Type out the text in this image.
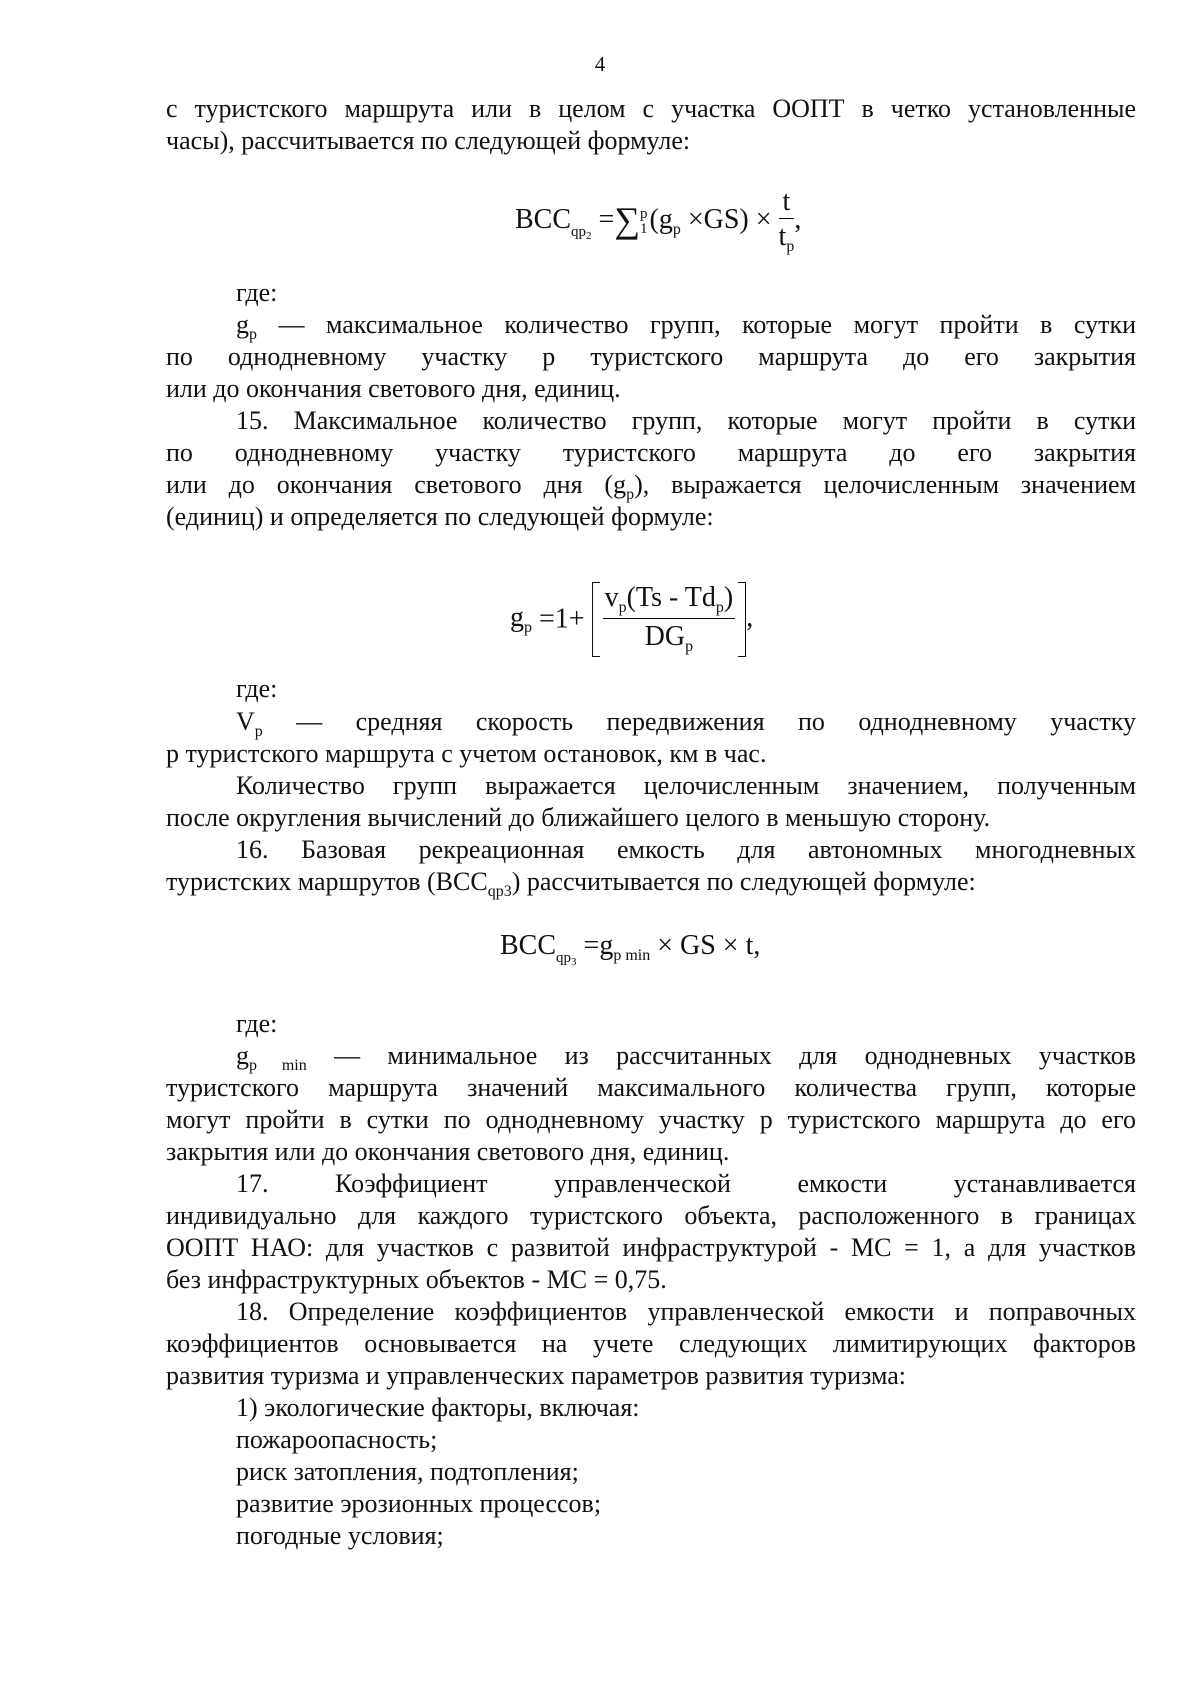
4
с туристского маршрута или в целом с участка ООПТ в четко установленные
часы), рассчитывается по следующей формуле:
$BCC_{qp_2}$ =∑ p
1 $(g_p \times GS) \times \frac{t}{t_p}$ ,
где:
$g_p$ — максимальное количество групп, которые могут пройти в сутки
по однодневному участку p туристского маршрута до его закрытия
или до окончания светового дня, единиц.
15. Максимальное количество групп, которые могут пройти в сутки
по однодневному участку туристского маршрута до его закрытия
или до окончания светового дня $(g_p)$, выражается целочисленным значением
(единиц) и определяется по следующей формуле:
$g_p =1+ \frac{v_p(Ts - Td_p)}{DG_p}$ ,
где:
$V_p$ — средняя скорость передвижения по однодневному участку
p туристского маршрута с учетом остановок, км в час.
Количество групп выражается целочисленным значением, полученным
после округления вычислений до ближайшего целого в меньшую сторону.
16. Базовая рекреационная емкость для автономных многодневных
туристских маршрутов $(BCC_{qp3})$ рассчитывается по следующей формуле:
$BCC_{qp_3} =g_{p min}$ × GS × t,
где:
$g_{p min}$ — минимальное из рассчитанных для однодневных участков
туристского маршрута значений максимального количества групп, которые
могут пройти в сутки по однодневному участку p туристского маршрута до его
закрытия или до окончания светового дня, единиц.
17. Коэффициент управленческой емкости устанавливается
индивидуально для каждого туристского объекта, расположенного в границах
ООПТ НАО: для участков с развитой инфраструктурой - MC = 1, а для участков
без инфраструктурных объектов - MC = 0,75.
18. Определение коэффициентов управленческой емкости и поправочных
коэффициентов основывается на учете следующих лимитирующих факторов
развития туризма и управленческих параметров развития туризма:
1) экологические факторы, включая:
пожароопасность;
риск затопления, подтопления;
развитие эрозионных процессов;
погодные условия;
